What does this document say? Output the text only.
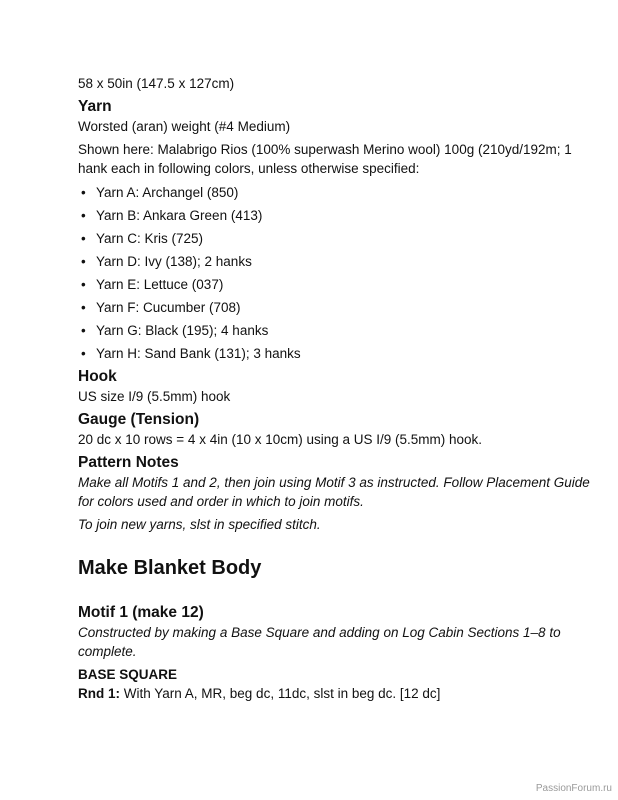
58 x 50in (147.5 x 127cm)

Yarn

Worsted (aran) weight (#4 Medium)

Shown here: Malabrigo Rios (100% superwash Merino wool) 100g (210yd/192m; 1 hank each in following colors, unless otherwise specified:

• Yarn A: Archangel (850)
• Yarn B: Ankara Green (413)
• Yarn C: Kris (725)
• Yarn D: Ivy (138); 2 hanks
• Yarn E: Lettuce (037)
• Yarn F: Cucumber (708)
• Yarn G: Black (195); 4 hanks
• Yarn H: Sand Bank (131); 3 hanks
Hook

US size I/9 (5.5mm) hook

Gauge (Tension)

20 dc x 10 rows = 4 x 4in (10 x 10cm) using a US I/9 (5.5mm) hook.

Pattern Notes

Make all Motifs 1 and 2, then join using Motif 3 as instructed. Follow Placement Guide for colors used and order in which to join motifs.

To join new yarns, slst in specified stitch.

Make Blanket Body
Motif 1 (make 12)

Constructed by making a Base Square and adding on Log Cabin Sections 1–8 to complete.

BASE SQUARE

Rnd 1: With Yarn A, MR, beg dc, 11dc, slst in beg dc. [12 dc]

PassionForum.ru
